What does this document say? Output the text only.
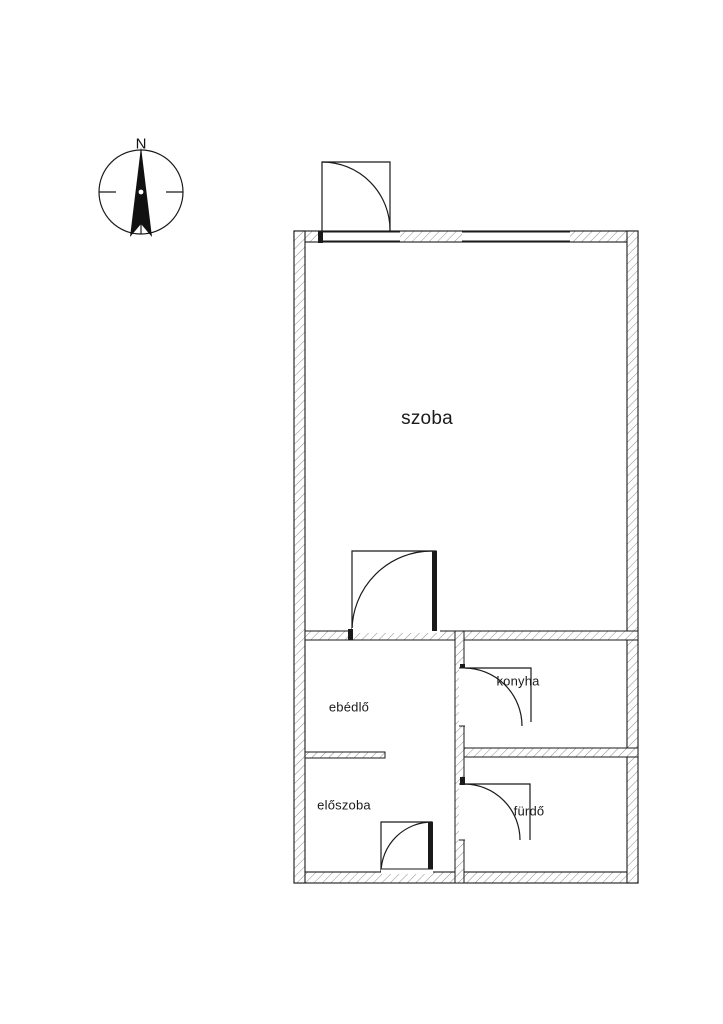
N
szoba
ebédlő
konyha
előszoba	fürdő
